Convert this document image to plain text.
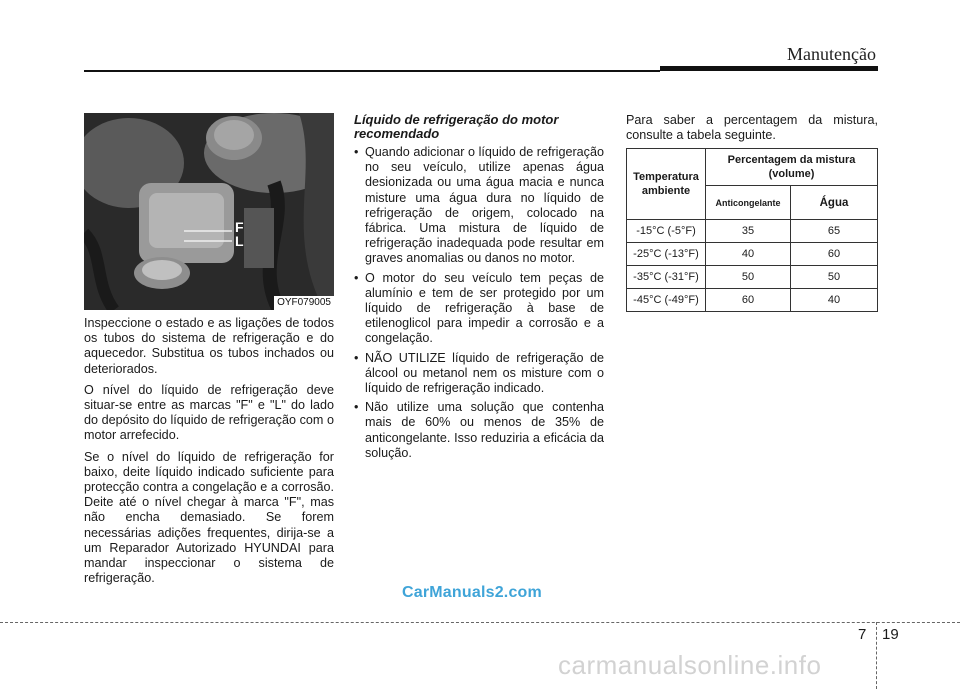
Manutenção
F
L
OYF079005

Inspeccione o estado e as ligações de todos os tubos do sistema de refrigeração e do aquecedor. Substitua os tubos inchados ou deteriorados.

O nível do líquido de refrigeração deve situar-se entre as marcas "F" e "L" do lado do depósito do líquido de refrigeração com o motor arrefecido.

Se o nível do líquido de refrigeração for baixo, deite líquido indicado suficiente para protecção contra a congelação e a corrosão. Deite até o nível chegar à marca "F", mas não encha demasiado. Se forem necessárias adições frequentes, dirija-se a um Reparador Autorizado HYUNDAI para mandar inspeccionar o sistema de refrigeração.

Líquido de refrigeração do motor recomendado
• Quando adicionar o líquido de refrigeração no seu veículo, utilize apenas água desionizada ou uma água macia e nunca misture uma água dura no líquido de refrigeração de origem, colocado na fábrica. Uma mistura de líquido de refrigeração inadequada pode resultar em graves anomalias ou danos no motor.
• O motor do seu veículo tem peças de alumínio e tem de ser protegido por um líquido de refrigeração à base de etilenoglicol para impedir a corrosão e a congelação.
• NÃO UTILIZE líquido de refrigeração de álcool ou metanol nem os misture com o líquido de refrigeração indicado.
• Não utilize uma solução que contenha mais de 60% ou menos de 35% de anticongelante. Isso reduziria a eficácia da solução.

Para saber a percentagem da mistura, consulte a tabela seguinte.

Temperatura ambiente	Percentagem da mistura (volume)	
	Anticongelante	Água
-15°C (-5°F)	35	65
-25°C (-13°F)	40	60
-35°C (-31°F)	50	50
-45°C (-49°F)	60	40
CarManuals2.com
7 19
carmanualsonline.info
